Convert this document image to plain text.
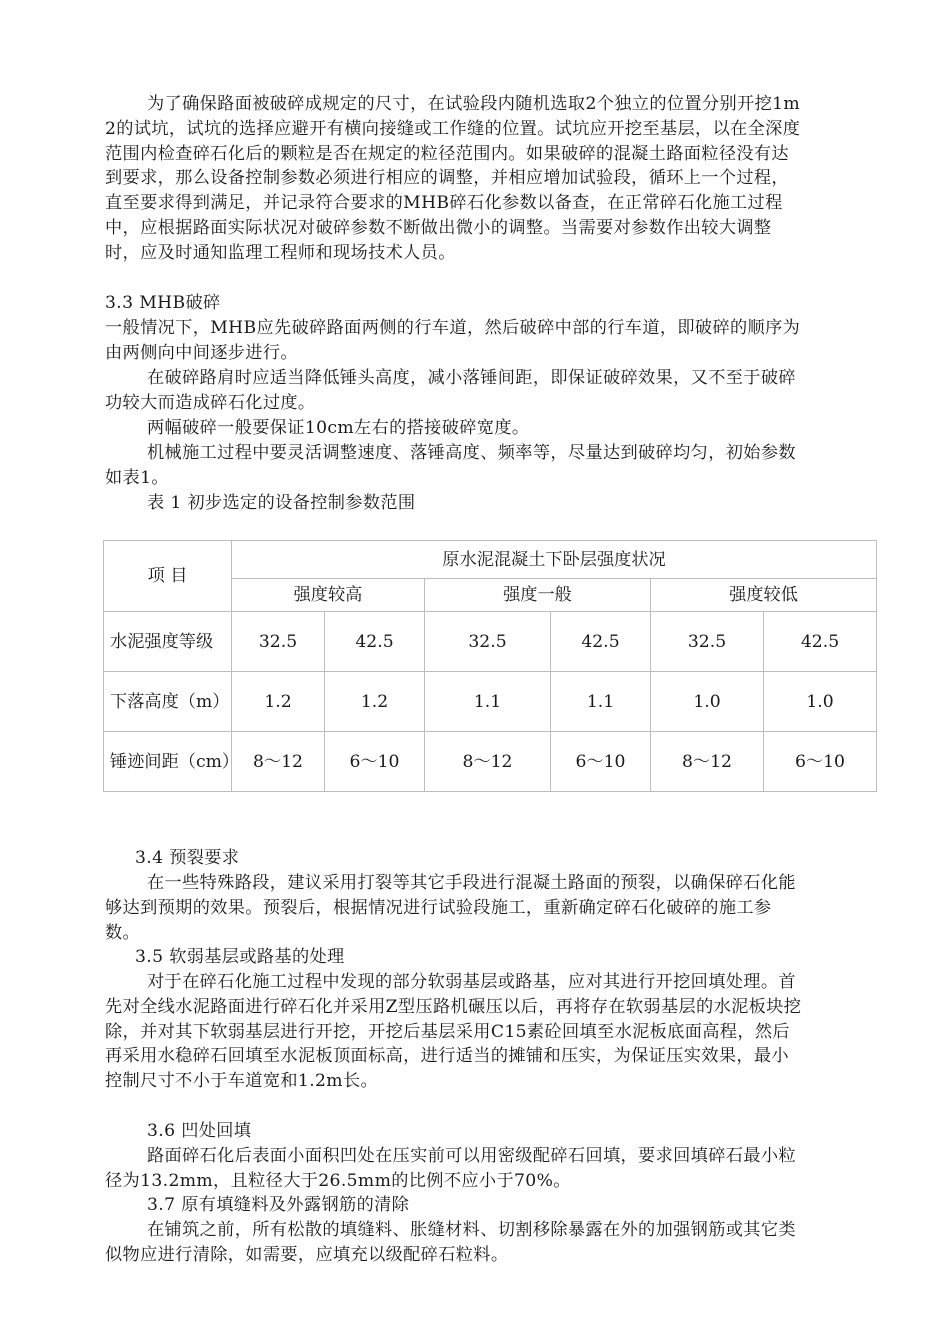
为了确保路面被破碎成规定的尺寸，在试验段内随机选取2个独立的位置分别开挖1m2的试坑，试坑的选择应避开有横向接缝或工作缝的位置。试坑应开挖至基层，以在全深度范围内检查碎石化后的颗粒是否在规定的粒径范围内。如果破碎的混凝土路面粒径没有达到要求，那么设备控制参数必须进行相应的调整，并相应增加试验段，循环上一个过程，直至要求得到满足，并记录符合要求的MHB碎石化参数以备查，在正常碎石化施工过程中，应根据路面实际状况对破碎参数不断做出微小的调整。当需要对参数作出较大调整时，应及时通知监理工程师和现场技术人员。

3.3 MHB破碎

一般情况下，MHB应先破碎路面两侧的行车道，然后破碎中部的行车道，即破碎的顺序为由两侧向中间逐步进行。

在破碎路肩时应适当降低锤头高度，减小落锤间距，即保证破碎效果，又不至于破碎功较大而造成碎石化过度。

两幅破碎一般要保证10cm左右的搭接破碎宽度。

机械施工过程中要灵活调整速度、落锤高度、频率等，尽量达到破碎均匀，初始参数如表1。

表 1 初步选定的设备控制参数范围

项 目	原水泥混凝土下卧层强度状况					
	强度较高		强度一般		强度较低	
水泥强度等级	32.5	42.5	32.5	42.5	32.5	42.5
下落高度（m）	1.2	1.2	1.1	1.1	1.0	1.0
锤迹间距（cm）	8～12	6～10	8～12	6～10	8～12	6～10

3.4 预裂要求

在一些特殊路段，建议采用打裂等其它手段进行混凝土路面的预裂，以确保碎石化能够达到预期的效果。预裂后，根据情况进行试验段施工，重新确定碎石化破碎的施工参数。

3.5 软弱基层或路基的处理

对于在碎石化施工过程中发现的部分软弱基层或路基，应对其进行开挖回填处理。首先对全线水泥路面进行碎石化并采用Z型压路机碾压以后，再将存在软弱基层的水泥板块挖除，并对其下软弱基层进行开挖，开挖后基层采用C15素砼回填至水泥板底面高程，然后再采用水稳碎石回填至水泥板顶面标高，进行适当的摊铺和压实，为保证压实效果，最小控制尺寸不小于车道宽和1.2m长。

3.6 凹处回填

路面碎石化后表面小面积凹处在压实前可以用密级配碎石回填，要求回填碎石最小粒径为13.2mm，且粒径大于26.5mm的比例不应小于70%。

3.7 原有填缝料及外露钢筋的清除

在铺筑之前，所有松散的填缝料、胀缝材料、切割移除暴露在外的加强钢筋或其它类似物应进行清除，如需要，应填充以级配碎石粒料。
